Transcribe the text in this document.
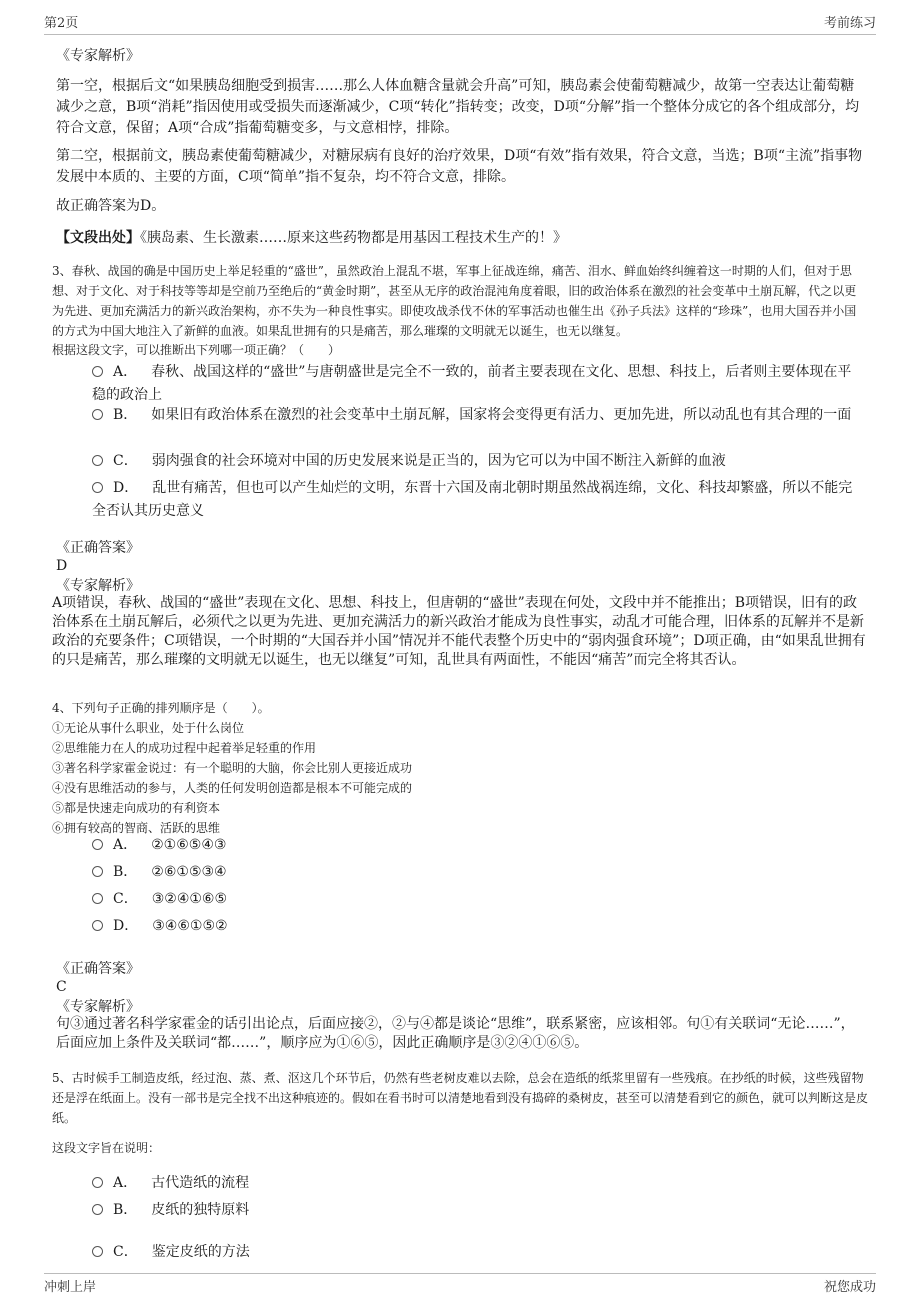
第2页	考前练习
《专家解析》

第一空，根据后文“如果胰岛细胞受到损害……那么人体血糖含量就会升高”可知，胰岛素会使葡萄糖减少，故第一空表达让葡萄糖减少之意，B项“消耗”指因使用或受损失而逐渐减少，C项“转化”指转变；改变，D项“分解”指一个整体分成它的各个组成部分，均符合文意，保留；A项“合成”指葡萄糖变多，与文意相悖，排除。

第二空，根据前文，胰岛素使葡萄糖减少，对糖尿病有良好的治疗效果，D项“有效”指有效果，符合文意，当选；B项“主流”指事物发展中本质的、主要的方面，C项“简单”指不复杂，均不符合文意，排除。

故正确答案为D。

【文段出处】《胰岛素、生长激素……原来这些药物都是用基因工程技术生产的！》

3、春秋、战国的确是中国历史上举足轻重的“盛世”，虽然政治上混乱不堪，军事上征战连绵，痛苦、泪水、鲜血始终纠缠着这一时期的人们，但对于思想、对于文化、对于科技等等却是空前乃至绝后的“黄金时期”，甚至从无序的政治混沌角度着眼，旧的政治体系在激烈的社会变革中土崩瓦解，代之以更为先进、更加充满活力的新兴政治架构，亦不失为一种良性事实。即使攻战杀伐不休的军事活动也催生出《孙子兵法》这样的“珍珠”，也用大国吞并小国的方式为中国大地注入了新鲜的血液。如果乱世拥有的只是痛苦，那么璀璨的文明就无以诞生，也无以继复。

根据这段文字，可以推断出下列哪一项正确？（　　）

A． 春秋、战国这样的“盛世”与唐朝盛世是完全不一致的，前者主要表现在文化、思想、科技上，后者则主要体现在平稳的政治上
B． 如果旧有政治体系在激烈的社会变革中土崩瓦解，国家将会变得更有活力、更加先进，所以动乱也有其合理的一面
C． 弱肉强食的社会环境对中国的历史发展来说是正当的，因为它可以为中国不断注入新鲜的血液
D． 乱世有痛苦，但也可以产生灿烂的文明，东晋十六国及南北朝时期虽然战祸连绵，文化、科技却繁盛，所以不能完全否认其历史意义
《正确答案》
D
《专家解析》

A项错误，春秋、战国的“盛世”表现在文化、思想、科技上，但唐朝的“盛世”表现在何处，文段中并不能推出；B项错误，旧有的政治体系在土崩瓦解后，必须代之以更为先进、更加充满活力的新兴政治才能成为良性事实，动乱才可能合理，旧体系的瓦解并不是新政治的充要条件；C项错误，一个时期的“大国吞并小国”情况并不能代表整个历史中的“弱肉强食环境”；D项正确，由“如果乱世拥有的只是痛苦，那么璀璨的文明就无以诞生，也无以继复”可知，乱世具有两面性，不能因“痛苦”而完全将其否认。

4、下列句子正确的排列顺序是（　　）。

①无论从事什么职业，处于什么岗位
②思维能力在人的成功过程中起着举足轻重的作用
③著名科学家霍金说过：有一个聪明的大脑，你会比别人更接近成功
④没有思维活动的参与，人类的任何发明创造都是根本不可能完成的
⑤都是快速走向成功的有利资本
⑥拥有较高的智商、活跃的思维
A． ②①⑥⑤④③
B． ②⑥①⑤③④
C． ③②④①⑥⑤
D． ③④⑥①⑤②
《正确答案》
C
《专家解析》

句③通过著名科学家霍金的话引出论点，后面应接②，②与④都是谈论“思维”，联系紧密，应该相邻。句①有关联词“无论……”，后面应加上条件及关联词“都……”，顺序应为①⑥⑤，因此正确顺序是③②④①⑥⑤。

5、古时候手工制造皮纸，经过泡、蒸、煮、沤这几个环节后，仍然有些老树皮难以去除，总会在造纸的纸浆里留有一些残痕。在抄纸的时候，这些残留物还是浮在纸面上。没有一部书是完全找不出这种痕迹的。假如在看书时可以清楚地看到没有捣碎的桑树皮，甚至可以清楚看到它的颜色，就可以判断这是皮纸。

这段文字旨在说明：

A． 古代造纸的流程
B． 皮纸的独特原料
C． 鉴定皮纸的方法
冲刺上岸	祝您成功
